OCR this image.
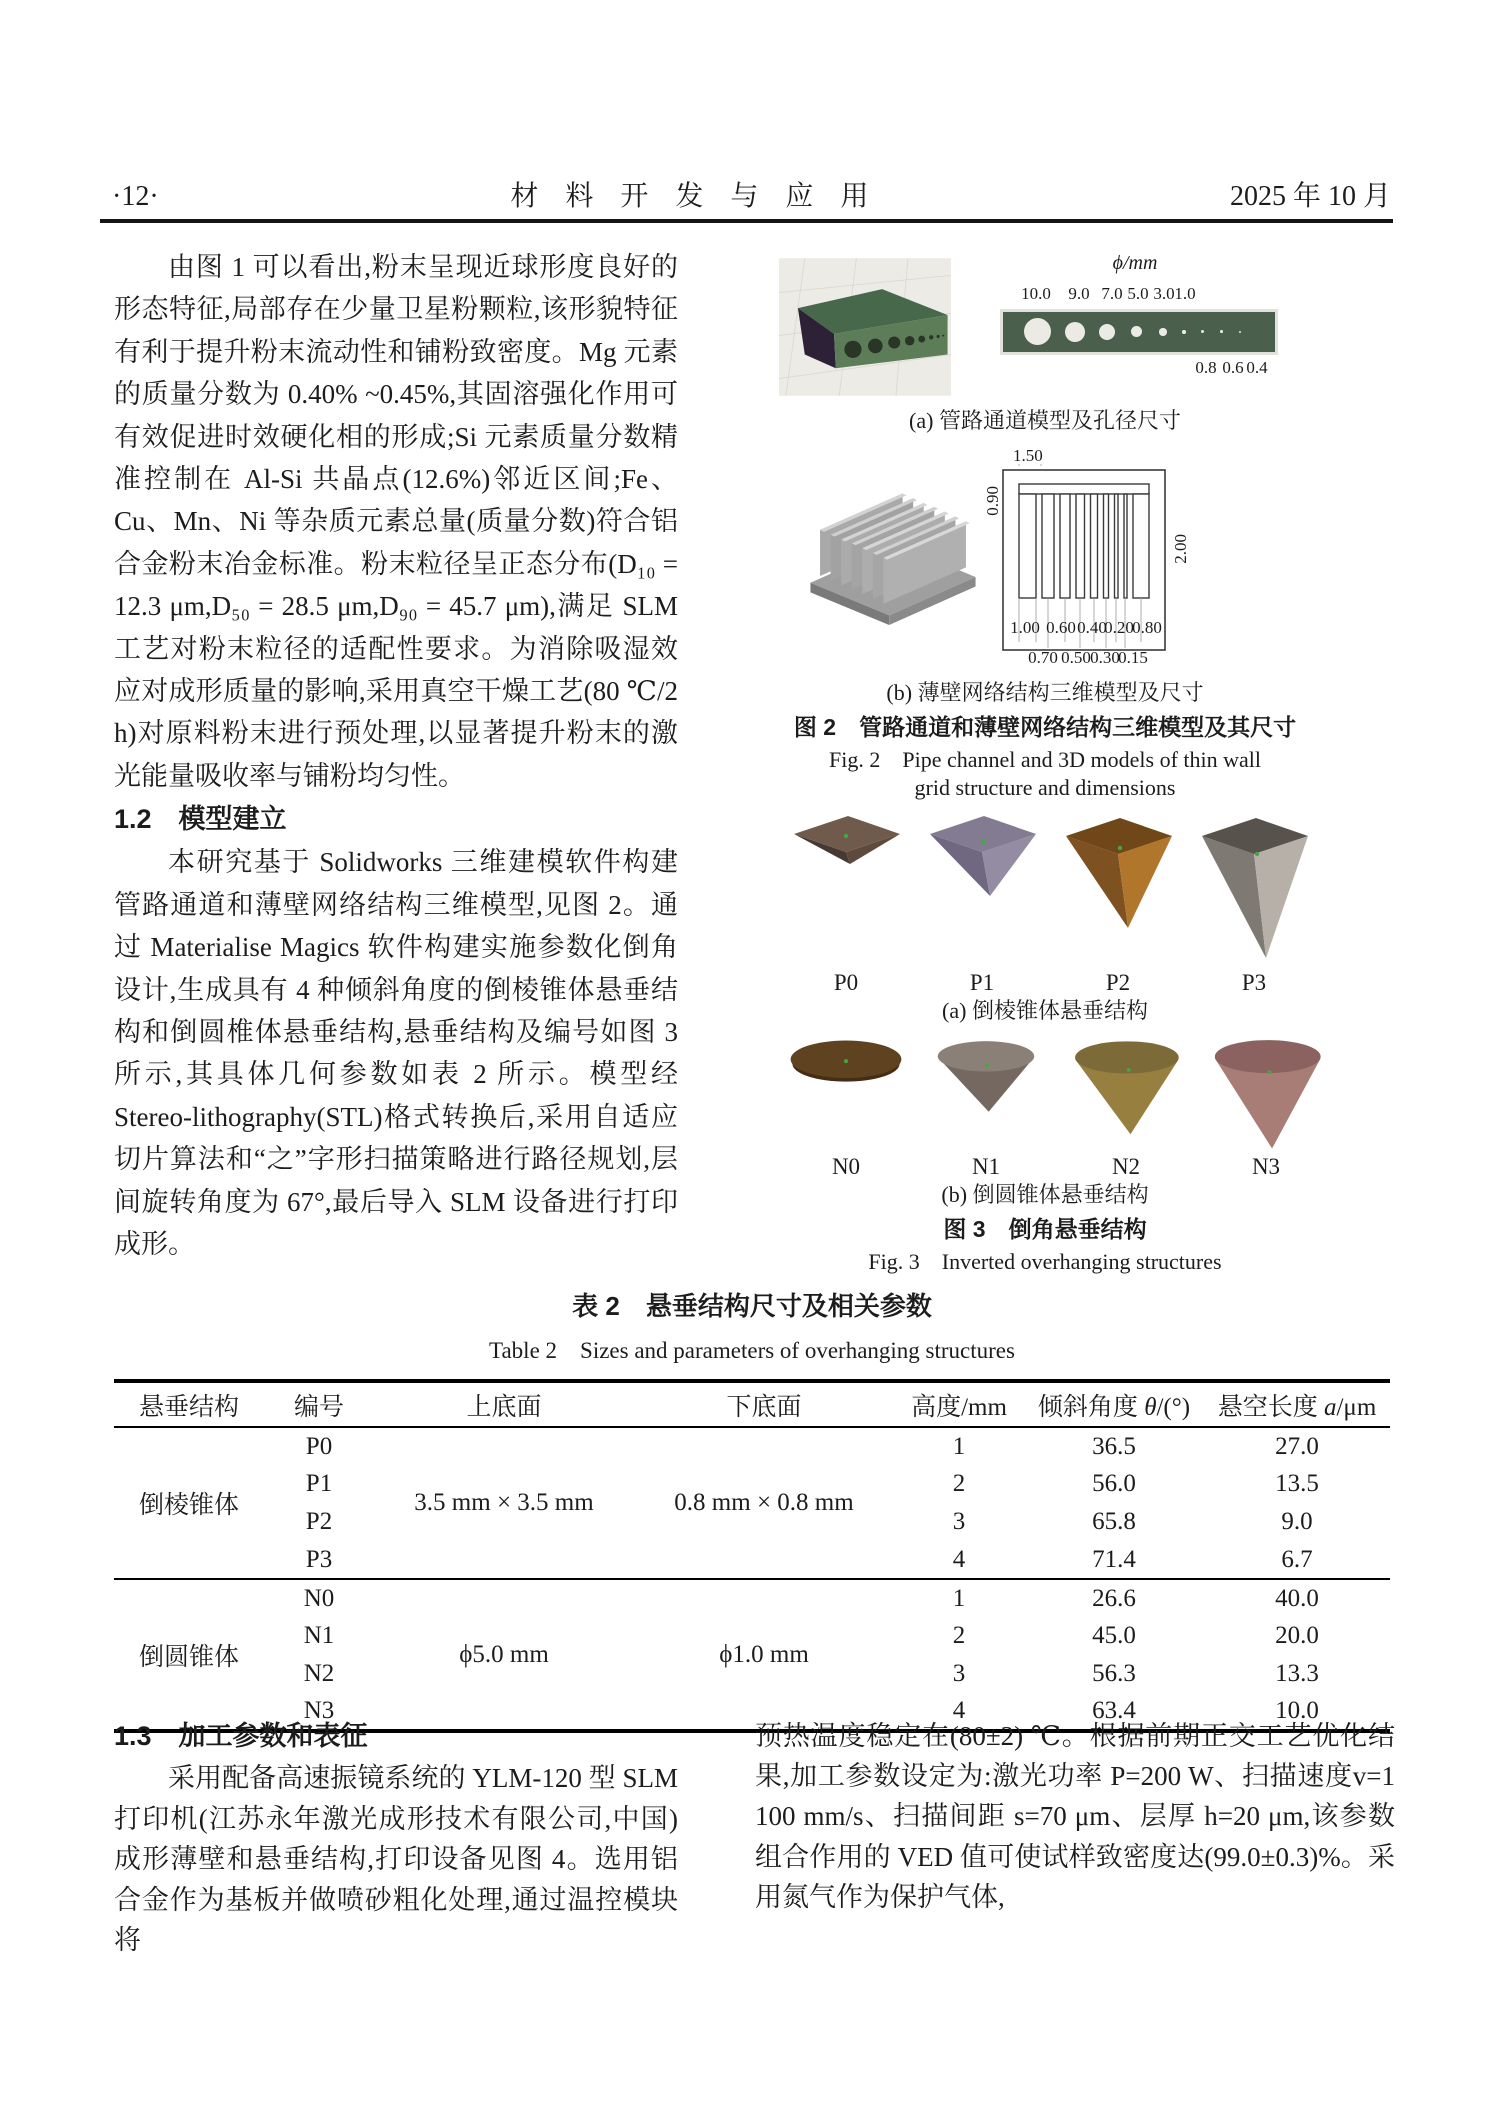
·12·	材 料 开 发 与 应 用	2025 年 10 月

由图 1 可以看出,粉末呈现近球形度良好的形态特征,局部存在少量卫星粉颗粒,该形貌特征有利于提升粉末流动性和铺粉致密度。Mg 元素的质量分数为 0.40% ~0.45%,其固溶强化作用可有效促进时效硬化相的形成;Si 元素质量分数精准控制在 Al-Si 共晶点(12.6%)邻近区间;Fe、Cu、Mn、Ni 等杂质元素总量(质量分数)符合铝合金粉末冶金标准。粉末粒径呈正态分布(D₁₀ = 12.3 μm,D₅₀ = 28.5 μm,D₉₀ = 45.7 μm),满足 SLM 工艺对粉末粒径的适配性要求。为消除吸湿效应对成形质量的影响,采用真空干燥工艺(80 ℃/2 h)对原料粉末进行预处理,以显著提升粉末的激光能量吸收率与铺粉均匀性。

1.2　模型建立

本研究基于 Solidworks 三维建模软件构建管路通道和薄壁网络结构三维模型,见图 2。通过 Materialise Magics 软件构建实施参数化倒角设计,生成具有 4 种倾斜角度的倒棱锥体悬垂结构和倒圆椎体悬垂结构,悬垂结构及编号如图 3 所示,其具体几何参数如表 2 所示。模型经 Stereo-lithography(STL)格式转换后,采用自适应切片算法和“之”字形扫描策略进行路径规划,层间旋转角度为 67°,最后导入 SLM 设备进行打印成形。

ϕ/mm
10.0 9.0 7.0 5.0 3.0 1.0
0.8 0.6 0.4
(a) 管路通道模型及孔径尺寸
1.50
0.90
2.00
1.00 0.60 0.40
0.20
0.80
0.70 0.50 0.30
0.15
(b) 薄壁网络结构三维模型及尺寸
图 2　管路通道和薄壁网络结构三维模型及其尺寸
Fig. 2　Pipe channel and 3D models of thin wall
grid structure and dimensions
P0	P1	P2	P3
(a) 倒棱锥体悬垂结构
N0	N1	N2	N3
(b) 倒圆锥体悬垂结构
图 3　倒角悬垂结构
Fig. 3　Inverted overhanging structures
表 2　悬垂结构尺寸及相关参数
Table 2　Sizes and parameters of overhanging structures
悬垂结构	编号	上底面	下底面	高度/mm	倾斜角度 θ/(°)	悬空长度 a/μm
倒棱锥体	P0	3.5 mm × 3.5 mm	0.8 mm × 0.8 mm	1	36.5	27.0
	P1			2	56.0	13.5
	P2			3	65.8	9.0
	P3			4	71.4	6.7
倒圆锥体	N0	ϕ5.0 mm	ϕ1.0 mm	1	26.6	40.0
	N1			2	45.0	20.0
	N2			3	56.3	13.3
	N3			4	63.4	10.0

1.3　加工参数和表征

采用配备高速振镜系统的 YLM-120 型 SLM 打印机(江苏永年激光成形技术有限公司,中国)成形薄壁和悬垂结构,打印设备见图 4。选用铝合金作为基板并做喷砂粗化处理,通过温控模块将

预热温度稳定在(80±2) ℃。根据前期正交工艺优化结果,加工参数设定为:激光功率 P=200 W、扫描速度v=1 100 mm/s、扫描间距 s=70 μm、层厚 h=20 μm,该参数组合作用的 VED 值可使试样致密度达(99.0±0.3)%。采用氮气作为保护气体,
